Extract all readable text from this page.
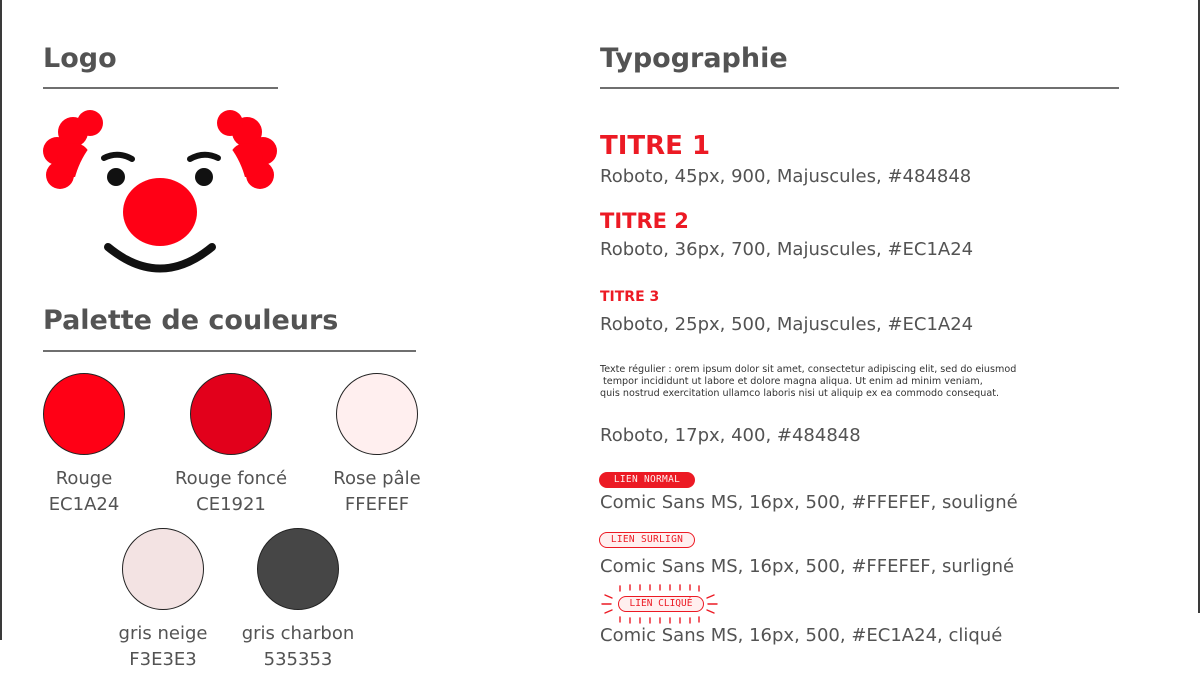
Logo
Palette de couleurs
Rouge
EC1A24
Rouge foncé
CE1921
Rose pâle
FFEFEF
gris neige
F3E3E3
gris charbon
535353
Typographie

TITRE 1

Roboto, 45px, 900, Majuscules, #484848

TITRE 2

Roboto, 36px, 700, Majuscules, #EC1A24

TITRE 3

Roboto, 25px, 500, Majuscules, #EC1A24

Texte régulier : orem ipsum dolor sit amet, consectetur adipiscing elit, sed do eiusmod
tempor incididunt ut labore et dolore magna aliqua. Ut enim ad minim veniam,
quis nostrud exercitation ullamco laboris nisi ut aliquip ex ea commodo consequat.

Roboto, 17px, 400, #484848

LIEN NORMAL

Comic Sans MS, 16px, 500, #FFEFEF, souligné

LIEN SURLIGN

Comic Sans MS, 16px, 500, #FFEFEF, surligné

LIEN CLIQUÉ

Comic Sans MS, 16px, 500, #EC1A24, cliqué
